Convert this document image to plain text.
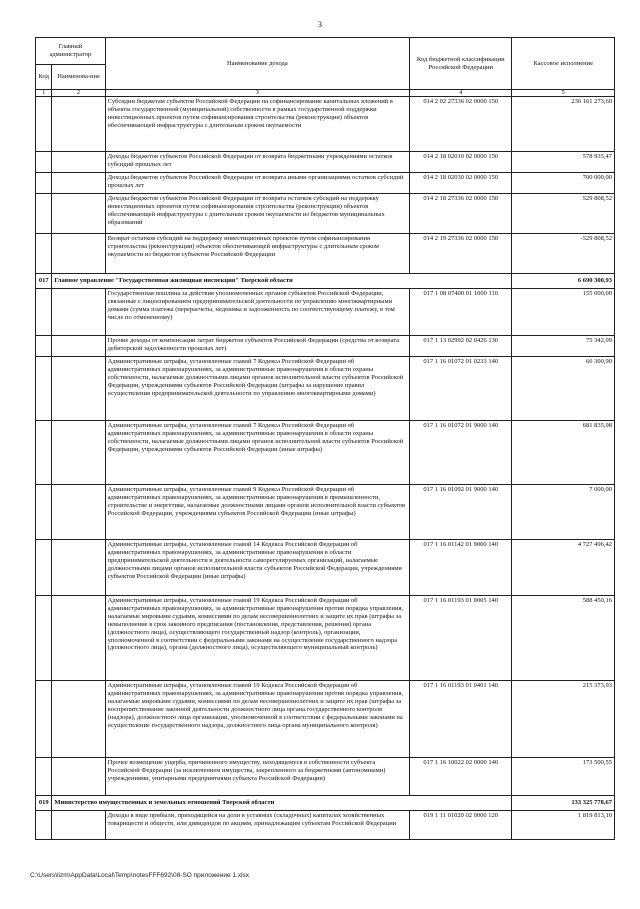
3
Главный администратор		Наименование дохода	Код бюджетной классификации Российской Федерации	Кассовое исполнение
Код	Наименова-ние			
1	2	3	4	5
		Субсидии бюджетам субъектов Российской Федерации на софинансирование капитальных вложений в объекты государственной (муниципальной) собственности в рамках государственной поддержки инвестиционных проектов путем софинансирования строительства (реконструкции) объектов обеспечивающей инфраструктуры с длительным сроком окупаемости	014 2 02 27336 02 0000 150	236 161 273,60
		Доходы бюджетов субъектов Российской Федерации от возврата бюджетными учреждениями остатков субсидий прошлых лет	014 2 18 02010 02 0000 150	578 935,47
		Доходы бюджетов субъектов Российской Федерации от возврата иными организациями остатков субсидий прошлых лет	014 2 18 02030 02 0000 150	700 000,00
		Доходы бюджетов субъектов Российской Федерации от возврата остатков субсидий на поддержку инвестиционных проектов путем софинансирования строительства (реконструкции) объектов обеспечивающей инфраструктуры с длительным сроком окупаемости из бюджетов муниципальных образований	014 2 18 27336 02 0000 150	529 808,52
		Возврат остатков субсидий на поддержку инвестиционных проектов путем софинансирования строительства (реконструкции) объектов обеспечивающей инфраструктуры с длительным сроком окупаемости из бюджетов субъектов Российской Федерации	014 2 19 27336 02 0000 150	-529 808,52
017	Главное управление "Государственная жилищная инспекция" Тверской области			6 690 300,93
		Государственная пошлина за действия уполномоченных органов субъектов Российской Федерации, связанные с лицензированием предпринимательской деятельности по управлению многоквартирными домами (сумма платежа (перерасчеты, недоимка и задолженность по соответствующему платежу, в том числе по отмененному)	017 1 08 07400 01 1000 110	155 000,00
		Прочие доходы от компенсации затрат бюджетов субъектов Российской Федерации (средства от возврата дебиторской задолженности прошлых лет)	017 1 13 02992 02 0426 130	75 342,99
		Административные штрафы, установленные главой 7 Кодекса Российской Федерации об административных правонарушениях, за административные правонарушения в области охраны собственности, налагаемые должностными лицами органов исполнительной власти субъектов Российской Федерации, учреждениями субъектов Российской Федерации (штрафы за нарушение правил осуществления предпринимательской деятельности по управлению многоквартирными домами)	017 1 16 01072 01 0233 140	66 300,90
		Административные штрафы, установленные главой 7 Кодекса Российской Федерации об административных правонарушениях, за административные правонарушения в области охраны собственности, налагаемые должностными лицами органов исполнительной власти субъектов Российской Федерации, учреждениями субъектов Российской Федерации (иные штрафы)	017 1 16 01072 01 9000 140	681 835,98
		Административные штрафы, установленные главой 9 Кодекса Российской Федерации об административных правонарушениях, за административные правонарушения в промышленности, строительстве и энергетике, налагаемые должностными лицами органов исполнительной власти субъектов Российской Федерации, учреждениями субъектов Российской Федерации (иные штрафы)	017 1 16 01092 01 9000 140	7 000,00
		Административные штрафы, установленные главой 14 Кодекса Российской Федерации об административных правонарушениях, за административные правонарушения в области предпринимательской деятельности и деятельности саморегулируемых организаций, налагаемые должностными лицами органов исполнительной власти субъектов Российской Федерации, учреждениями субъектов Российской Федерации (иные штрафы)	017 1 16 01142 01 9000 140	4 727 496,42
		Административные штрафы, установленные главой 19 Кодекса Российской Федерации об административных правонарушениях, за административные правонарушения против порядка управления, налагаемые мировыми судьями, комиссиями по делам несовершеннолетних и защите их прав (штрафы за невыполнение в срок законного предписания (постановления, представления, решения) органа (должностного лица), осуществляющего государственный надзор (контроль), организации, уполномоченной в соответствии с федеральными законами на осуществление государственного надзора (должностного лица), органа (должностного лица), осуществляющего муниципальный контроль)	017 1 16 01193 01 0005 140	588 450,16
		Административные штрафы, установленные главой 19 Кодекса Российской Федерации об административных правонарушениях, за административные правонарушения против порядка управления, налагаемые мировыми судьями, комиссиями по делам несовершеннолетних и защите их прав (штрафы за воспрепятствование законной деятельности должностного лица органа государственного контроля (надзора), должностного лица организации, уполномоченной в соответствии с федеральными законами на осуществление государственного надзора, должностного лица органа муниципального контроля)	017 1 16 01193 01 0401 140	215 373,93
		Прочее возмещение ущерба, причиненного имуществу, находящемуся в собственности субъекта Российской Федерации (за исключением имущества, закрепленного за бюджетными (автономными) учреждениями, унитарными предприятиями субъекта Российской Федерации)	017 1 16 10022 02 0000 140	173 500,55
019	Министерство имущественных и земельных отношений Тверской области			133 325 778,67
		Доходы в виде прибыли, приходящейся на доли в уставных (складочных) капиталах хозяйственных товариществ и обществ, или дивидендов по акциям, принадлежащим субъектам Российской Федерации	019 1 11 01020 02 0000 120	1 819 813,10
C:\Users\lizm\AppData\Local\Temp\notesFFF692\08-SO приложение 1.xlsx
